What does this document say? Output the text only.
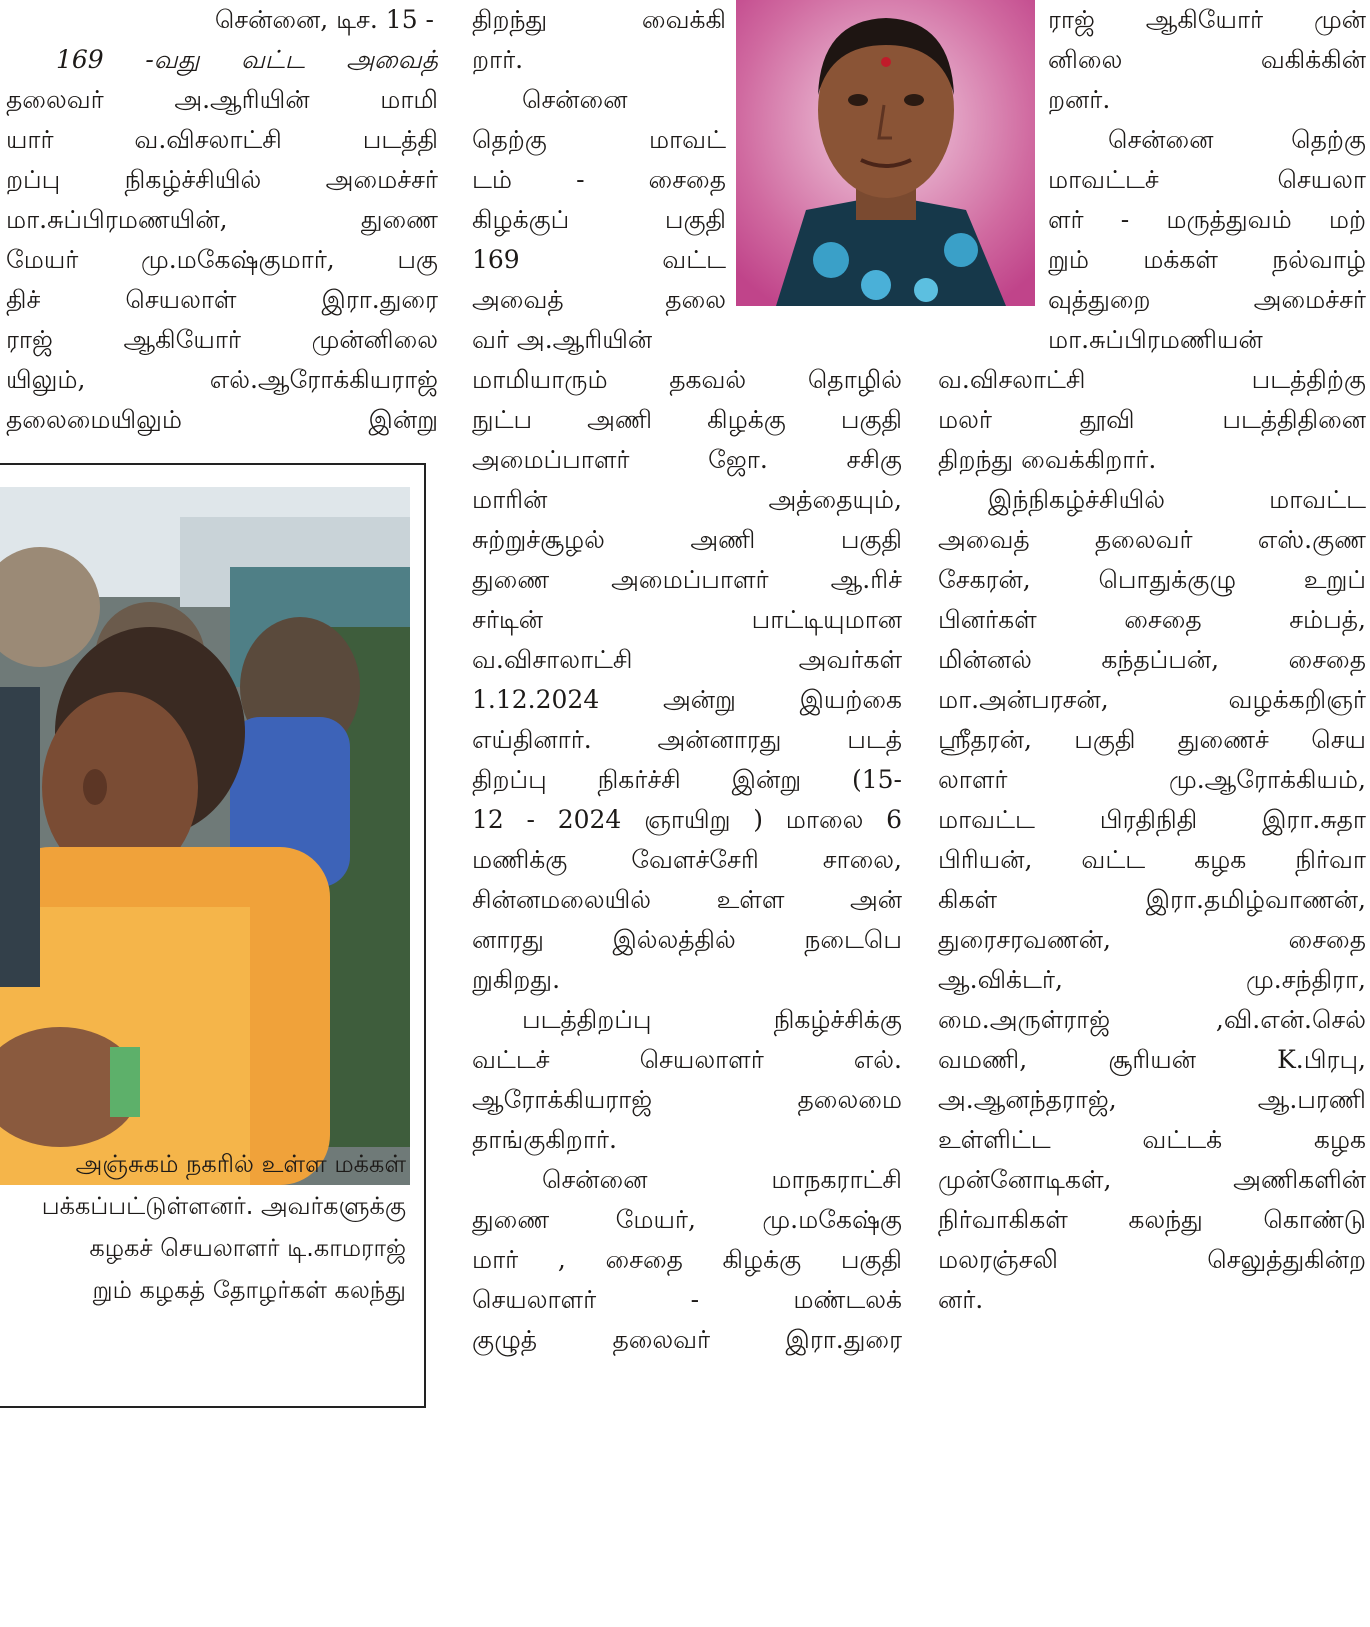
சென்னை, டிச. 15 -
169 -வது வட்ட அவைத்
தலைவர் அ.ஆரியின் மாமி
யார் வ.விசலாட்சி படத்தி
றப்பு நிகழ்ச்சியில் அமைச்சர்
மா.சுப்பிரமணயின், துணை
மேயர் மு.மகேஷ்குமார், பகு
திச் செயலாள் இரா.துரை
ராஜ் ஆகியோர் முன்னிலை
யிலும், எல்.ஆரோக்கியராஜ்
தலைமையிலும் இன்று
அஞ்சுகம் நகரில் உள்ள மக்கள்
பக்கப்பட்டுள்ளனர். அவர்களுக்கு
கழகச் செயலாளர் டி.காமராஜ்
றும் கழகத் தோழர்கள் கலந்து
திறந்து வைக்கி
றார்.
சென்னை
தெற்கு மாவட்
டம் - சைதை
கிழக்குப் பகுதி
169 வட்ட
அவைத் தலை
வர் அ.ஆரியின்
மாமியாரும் தகவல் தொழில்
நுட்ப அணி கிழக்கு பகுதி
அமைப்பாளர் ஜோ. சசிகு
மாரின் அத்தையும்,
சுற்றுச்சூழல் அணி பகுதி
துணை அமைப்பாளர் ஆ.ரிச்
சர்டின் பாட்டியுமான
வ.விசாலாட்சி அவர்கள்
1.12.2024 அன்று இயற்கை
எய்தினார். அன்னாரது படத்
திறப்பு நிகர்ச்சி இன்று (15-
12 - 2024 ஞாயிறு ) மாலை 6
மணிக்கு வேளச்சேரி சாலை,
சின்னமலையில் உள்ள அன்
னாரது இல்லத்தில் நடைபெ
றுகிறது.
படத்திறப்பு நிகழ்ச்சிக்கு
வட்டச் செயலாளர் எல்.
ஆரோக்கியராஜ் தலைமை
தாங்குகிறார்.
சென்னை மாநகராட்சி
துணை மேயர், மு.மகேஷ்கு
மார் , சைதை கிழக்கு பகுதி
செயலாளர் - மண்டலக்
குழுத் தலைவர் இரா.துரை
ராஜ் ஆகியோர் முன்
னிலை வகிக்கின்
றனர்.
சென்னை தெற்கு
மாவட்டச் செயலா
ளர் - மருத்துவம் மற்
றும் மக்கள் நல்வாழ்
வுத்துறை அமைச்சர்
மா.சுப்பிரமணியன்
வ.விசலாட்சி படத்திற்கு
மலர் தூவி படத்திதினை
திறந்து வைக்கிறார்.
இந்நிகழ்ச்சியில் மாவட்ட
அவைத் தலைவர் எஸ்.குண
சேகரன், பொதுக்குழு உறுப்
பினர்கள் சைதை சம்பத்,
மின்னல் கந்தப்பன், சைதை
மா.அன்பரசன், வழக்கறிஞர்
ஸ்ரீதரன், பகுதி துணைச் செய
லாளர் மு.ஆரோக்கியம்,
மாவட்ட பிரதிநிதி இரா.சுதா
பிரியன், வட்ட கழக நிர்வா
கிகள் இரா.தமிழ்வாணன்,
துரைசரவணன், சைதை
ஆ.விக்டர், மு.சந்திரா,
மை.அருள்ராஜ் ,வி.என்.செல்
வமணி, சூரியன் K.பிரபு,
அ.ஆனந்தராஜ், ஆ.பரணி
உள்ளிட்ட வட்டக் கழக
முன்னோடிகள், அணிகளின்
நிர்வாகிகள் கலந்து கொண்டு
மலரஞ்சலி செலுத்துகின்ற
னர்.
